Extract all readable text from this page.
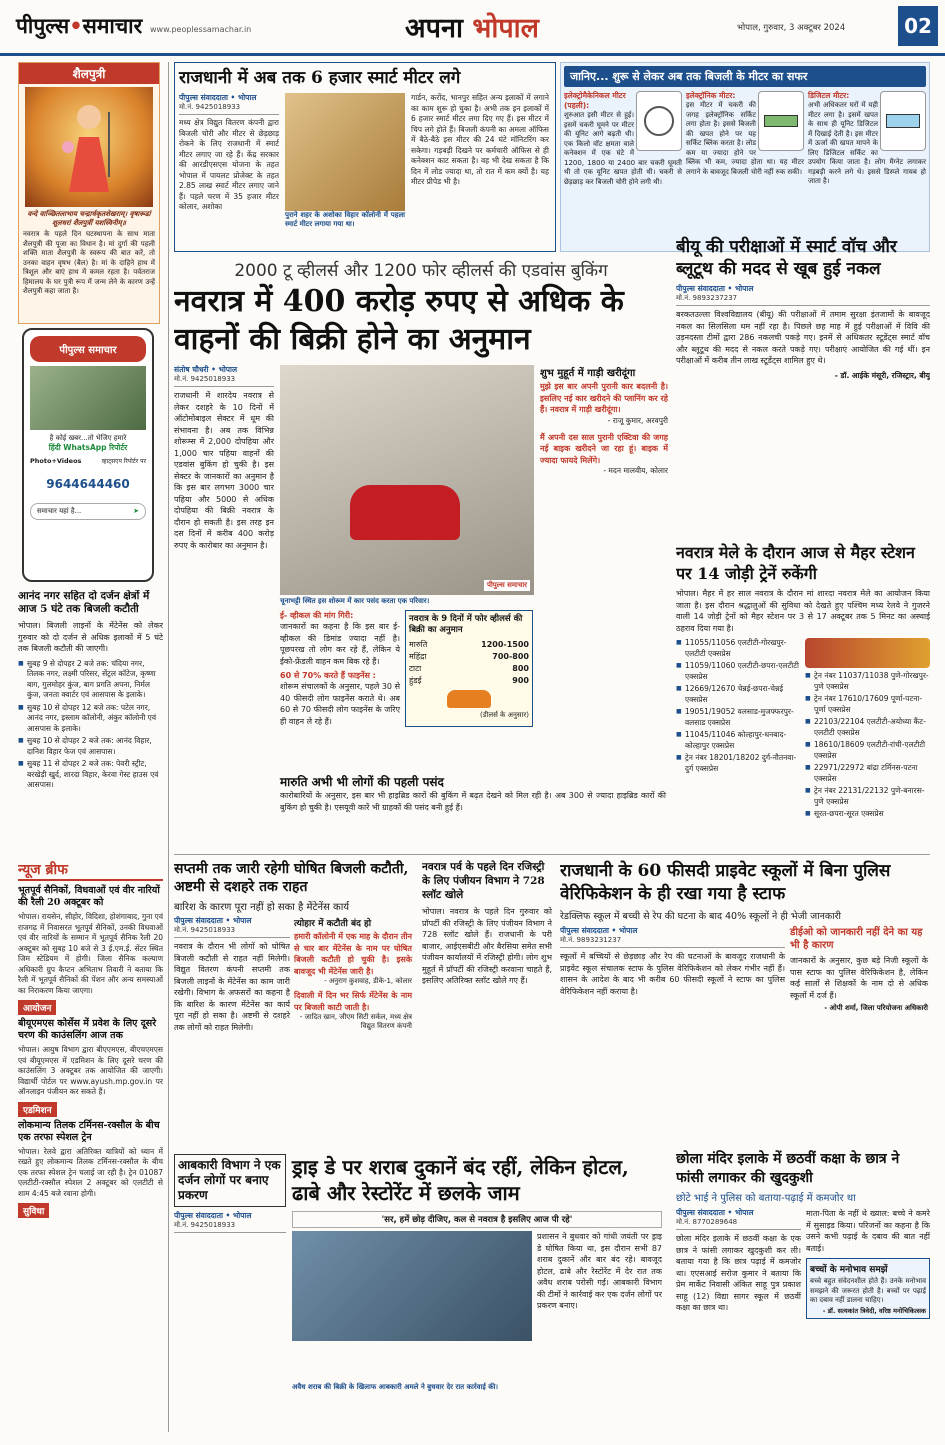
पीपुल्स•समाचार www.peoplessamachar.in	अपना भोपाल	भोपाल, गुरुवार, 3 अक्टूबर 2024	02
शैलपुत्री
वन्दे वाञ्छितलाभाय चन्द्रार्धकृतशेखराम्। वृषारूढां शूलधरां शैलपुत्रीं यशस्विनीम्॥
नवरात्र के पहले दिन घटस्थापना के साथ माता शैलपुत्री की पूजा का विधान है। मां दुर्गा की पहली शक्ति माता शैलपुत्री के स्वरूप की बात करें, तो उनका वाहन वृषभ (बैल) है। मां के दाहिने हाथ में त्रिशूल और बाएं हाथ में कमल रहता है। पर्वतराज हिमालय के घर पुत्री रूप में जन्म लेने के कारण उन्हें शैलपुत्री कहा जाता है।
पीपुल्स समाचार
है कोई खबर...तो भेजिए हमारे
हिंदी WhatsApp रिपोर्टर
Photo+Videos	व्हाट्सएप रिपोर्टर पर
9644644460
समाचार यहां है...	➤
आनंद नगर सहित दो दर्जन क्षेत्रों में आज 5 घंटे तक बिजली कटौती
भोपाल। बिजली लाइनों के मेंटेनेंस को लेकर गुरुवार को दो दर्जन से अधिक इलाकों में 5 घंटे तक बिजली कटौती की जाएगी।
■ सुबह 9 से दोपहर 2 बजे तक: चंदिया नगर, तिलक नगर, लक्ष्मी परिसर, सेंट्रल कॉटेज, कृष्णा बाग, गुलमोहर कुंज, बाग प्रगति अपना, निर्मल कुंज, जनता क्वार्टर एवं आसपास के इलाके।
■ सुबह 10 से दोपहर 12 बजे तक: पटेल नगर, आनंद नगर, इस्लाम कॉलोनी, अंकुर कॉलोनी एवं आसपास के इलाके।
■ सुबह 10 से दोपहर 2 बजे तक: आनंद विहार, दानिश विहार फेज एवं आसपास।
■ सुबह 11 से दोपहर 2 बजे तक: पेवरी स्ट्रीट, बरखेड़ी खुर्द, शारदा विहार, केरवा गेस्ट हाउस एवं आसपास।
न्यूज ब्रीफ
भूतपूर्व सैनिकों, विधवाओं एवं वीर नारियों की रैली 20 अक्टूबर को
भोपाल। रायसेन, सीहोर, विदिशा, होशंगाबाद, गुना एवं राजगढ़ में निवासरत भूतपूर्व सैनिकों, उनकी विधवाओं एवं वीर नारियों के सम्मान में भूतपूर्व सैनिक रैली 20 अक्टूबर को सुबह 10 बजे से 3 ई.एम.ई. सेंटर स्थित जिम स्टेडियम में होगी। जिला सैनिक कल्याण अधिकारी ग्रुप कैप्टन अभिताभ तिवारी ने बताया कि रैली में भूतपूर्व सैनिकों की पेंशन और अन्य समस्याओं का निराकरण किया जाएगा।
आयोजन
बीयूएमएस कोर्सेस में प्रवेश के लिए दूसरे चरण की काउंसलिंग आज तक
भोपाल। आयुष विभाग द्वारा बीएएमएस, बीएचएमएस एवं बीयूएमएस में एडमिशन के लिए दूसरे चरण की काउंसलिंग 3 अक्टूबर तक आयोजित की जाएगी। विद्यार्थी पोर्टल पर www.ayush.mp.gov.in पर ऑनलाइन पंजीयन कर सकते हैं।
एडमिशन
लोकमान्य तिलक टर्मिनस-रक्सौल के बीच एक तरफा स्पेशल ट्रेन
भोपाल। रेलवे द्वारा अतिरिक्त यात्रियों को ध्यान में रखते हुए लोकमान्य तिलक टर्मिनस-रक्सौल के बीच एक तरफा स्पेशल ट्रेन चलाई जा रही है। ट्रेन 01087 एलटीटी-रक्सौल स्पेशल 2 अक्टूबर को एलटीटी से शाम 4:45 बजे रवाना होगी।
सुविधा
राजधानी में अब तक 6 हजार स्मार्ट मीटर लगे
पीपुल्स संवाददाता • भोपाल
मो.नं. 9425018933
मध्य क्षेत्र विद्युत वितरण कंपनी द्वारा बिजली चोरी और मीटर से छेड़छाड़ रोकने के लिए राजधानी में स्मार्ट मीटर लगाए जा रहे हैं। केंद्र सरकार की आरडीएसएस योजना के तहत भोपाल में पायलट प्रोजेक्ट के तहत 2.85 लाख स्मार्ट मीटर लगाए जाने हैं। पहले चरण में 35 हजार मीटर कोलार, अशोका
पुराने शहर के अशोका विहार कॉलोनी में पहला स्मार्ट मीटर लगाया गया था।
गार्डन, करोंद, भानपुर सहित अन्य इलाकों में लगाने का काम शुरू हो चुका है। अभी तक इन इलाकों में 6 हजार स्मार्ट मीटर लगा दिए गए हैं। इस मीटर में चिप लगे होते हैं। बिजली कंपनी का अमला ऑफिस में बैठे-बैठे इस मीटर की 24 घंटे मॉनिटरिंग कर सकेगा। गड़बड़ी दिखने पर कर्मचारी ऑफिस से ही कनेक्शन काट सकता है। वह भी देख सकता है कि दिन में लोड ज्यादा था, तो रात में कम क्यों है। यह मीटर प्रीपेड भी है।
जानिए... शुरू से लेकर अब तक बिजली के मीटर का सफर
इलेक्ट्रोमैकेनिकल मीटर (पहली):
शुरुआत इसी मीटर से हुई। इसमें चकरी घूमने पर मीटर की यूनिट आगे बढ़ती थी। एक किलो वॉट क्षमता वाले कनेक्शन में एक घंटे में 1200, 1800 या 2400 बार चकरी घूमती थी तो एक यूनिट खपत होती थी। चकरी से छेड़छाड़ कर बिजली चोरी होने लगी थी।
इलेक्ट्रॉनिक मीटर:
इस मीटर में चकरी की जगह इलेक्ट्रॉनिक सर्किट लगा होता है। इससे बिजली की खपत होने पर यह सर्किट ब्लिंक करता है। लोड कम या ज्यादा होने पर ब्लिंक भी कम, ज्यादा होता था। यह मीटर लगाने के बावजूद बिजली चोरी नहीं रुक सकी।
डिजिटल मीटर:
अभी अधिकतर घरों में यही मीटर लगा है। इसमें खपत के साथ ही यूनिट डिजिटल में दिखाई देती है। इस मीटर में ऊर्जा की खपत मापने के लिए डिजिटल सर्किट का उपयोग किया जाता है। लोग मैग्नेट लगाकर गड़बड़ी करने लगे थे। इससे डिस्प्ले गायब हो जाता है।
2000 टू व्हीलर्स और 1200 फोर व्हीलर्स की एडवांस बुकिंग
नवरात्र में 400 करोड़ रुपए से अधिक के वाहनों की बिक्री होने का अनुमान
संतोष चौधरी • भोपाल
मो.नं. 9425018933
राजधानी में शारदेय नवरात्र से लेकर दशहरे के 10 दिनों में ऑटोमोबाइल सेक्टर में धूम की संभावना है। अब तक विभिन्न शोरूम्स में 2,000 दोपहिया और 1,000 चार पहिया वाहनों की एडवांस बुकिंग हो चुकी है। इस सेक्टर के जानकारों का अनुमान है कि इस बार लगभग 3000 चार पहिया और 5000 से अधिक दोपहिया की बिक्री नवरात्र के दौरान हो सकती है। इस तरह इन दस दिनों में करीब 400 करोड़ रुपए के कारोबार का अनुमान है।
पीपुल्स समाचार
चूनाभट्टी स्थित इस शोरूम में कार पसंद करता एक परिवार।
ई- व्हीकल की मांग गिरी:
जानकारों का कहना है कि इस बार ई-व्हीकल की डिमांड ज्यादा नहीं है। पूछपरख तो लोग कर रहे हैं, लेकिन ये ईको-फ्रेंडली वाहन कम बिक रहे हैं।
60 से 70% करते हैं फाइनेंस :
शोरूम संचालकों के अनुसार, पहले 30 से 40 फीसदी लोग फाइनेंस कराते थे। अब 60 से 70 फीसदी लोग फाइनेंस के जरिए ही वाहन ले रहे हैं।
नवरात्र के 9 दिनों में फोर व्हीलर्स की बिक्री का अनुमान
मारुति	1200-1500
महिंद्रा	700-800
टाटा	800
हुंडई	900
(डीलर्स के अनुसार)
शुभ मुहूर्त में गाड़ी खरीदूंगा
मुझे इस बार अपनी पुरानी कार बदलनी है। इसलिए नई कार खरीदने की प्लानिंग कर रहे हैं। नवरात्र में गाड़ी खरीदूंगा।
- राजू कुमार, अरवपुरी
मैं अपनी दस साल पुरानी एक्टिवा की जगह नई बाइक खरीदने जा रहा हूं। बाइक में ज्यादा फायदे मिलेंगे।
- मदन मालवीय, कोलार
मारुति अभी भी लोगों की पहली पसंद
कारोबारियों के अनुसार, इस बार भी हाइब्रिड कारों की बुकिंग में बढ़त देखने को मिल रही है। अब 300 से ज्यादा हाइब्रिड कारों की बुकिंग हो चुकी है। एसयूवी कारें भी ग्राहकों की पसंद बनी हुई हैं।
बीयू की परीक्षाओं में स्मार्ट वॉच और ब्लूटूथ की मदद से खूब हुई नकल
पीपुल्स संवाददाता • भोपाल
मो.नं. 9893237237
बरकतउल्ला विश्वविद्यालय (बीयू) की परीक्षाओं में तमाम सुरक्षा इंतजामों के बावजूद नकल का सिलसिला थम नहीं रहा है। पिछले छह माह में हुई परीक्षाओं में विवि की उड़नदस्ता टीमों द्वारा 286 नकलची पकड़े गए। इनमें से अधिकतर स्टूडेंट्स स्मार्ट वॉच और ब्लूटूथ की मदद से नकल करते पकड़े गए। परीक्षाएं आयोजित की गई थीं। इन परीक्षाओं में करीब तीन लाख स्टूडेंट्स शामिल हुए थे।
- डॉ. आईके मंसूरी, रजिस्ट्रार, बीयू
नवरात्र मेले के दौरान आज से मैहर स्टेशन पर 14 जोड़ी ट्रेनें रुकेंगी
भोपाल। मैहर में हर साल नवरात्र के दौरान मां शारदा नवरात्र मेले का आयोजन किया जाता है। इस दौरान श्रद्धालुओं की सुविधा को देखते हुए पश्चिम मध्य रेलवे ने गुजरने वाली 14 जोड़ी ट्रेनों को मैहर स्टेशन पर 3 से 17 अक्टूबर तक 5 मिनट का अस्थाई ठहराव दिया गया है।
■ 11055/11056 एलटीटी-गोरखपुर-एलटीटी एक्सप्रेस
■ 11059/11060 एलटीटी-छपरा-एलटीटी एक्सप्रेस
■ 12669/12670 चेन्नई-छपरा-चेन्नई एक्सप्रेस
■ 19051/19052 वलसाड-मुजफ्फरपुर-वलसाड एक्सप्रेस
■ 11045/11046 कोल्हापुर-धनबाद-कोल्हापुर एक्सप्रेस
■ ट्रेन नंबर 18201/18202 दुर्ग-नौतनवा-दुर्ग एक्सप्रेस
■ ट्रेन नंबर 11037/11038 पुणे-गोरखपुर-पुणे एक्सप्रेस
■ ट्रेन नंबर 17610/17609 पूर्णा-पटना-पूर्णा एक्सप्रेस
■ 22103/22104 एलटीटी-अयोध्या कैंट-एलटीटी एक्सप्रेस
■ 18610/18609 एलटीटी-रांची-एलटीटी एक्सप्रेस
■ 22971/22972 बांद्रा टर्मिनस-पटना एक्सप्रेस
■ ट्रेन नंबर 22131/22132 पुणे-बनारस-पुणे एक्सप्रेस
■ सूरत-छपरा-सूरत एक्सप्रेस
सप्तमी तक जारी रहेगी घोषित बिजली कटौती, अष्टमी से दशहरे तक राहत
बारिश के कारण पूरा नहीं हो सका है मेंटेनेंस कार्य
पीपुल्स संवाददाता • भोपाल
मो.नं. 9425018933
नवरात्र के दौरान भी लोगों को घोषित बिजली कटौती से राहत नहीं मिलेगी। विद्युत वितरण कंपनी सप्तमी तक बिजली लाइनों के मेंटेनेंस का काम जारी रखेगी। विभाग के अफसरों का कहना है कि बारिश के कारण मेंटेनेंस का कार्य पूरा नहीं हो सका है। अष्टमी से दशहरे तक लोगों को राहत मिलेगी।
त्योहार में कटौती बंद हो
हमारी कॉलोनी में एक माह के दौरान तीन से चार बार मेंटेनेंस के नाम पर घोषित बिजली कटौती हो चुकी है। इसके बावजूद भी मेंटेनेंस जारी है।
- अनुराग कुशवाह, डीके-1, कोलार
दिवाली में दिन भर सिर्फ मेंटेनेंस के नाम पर बिजली काटी जाती है।
- जादित खान, जीएम सिटी सर्कल, मध्य क्षेत्र विद्युत वितरण कंपनी
नवरात्र पर्व के पहले दिन रजिस्ट्री के लिए पंजीयन विभाग ने 728 स्लॉट खोले
भोपाल। नवरात्र के पहले दिन गुरुवार को प्रॉपर्टी की रजिस्ट्री के लिए पंजीयन विभाग ने 728 स्लॉट खोले हैं। राजधानी के परी बाजार, आईएसबीटी और बैरसिया समेत सभी पंजीयन कार्यालयों में रजिस्ट्री होगी। लोग शुभ मुहूर्त में प्रॉपर्टी की रजिस्ट्री करवाना चाहते हैं, इसलिए अतिरिक्त स्लॉट खोले गए हैं।
राजधानी के 60 फीसदी प्राइवेट स्कूलों में बिना पुलिस वेरिफिकेशन के ही रखा गया है स्टाफ
रेडक्लिफ स्कूल में बच्ची से रेप की घटना के बाद 40% स्कूलों ने ही भेजी जानकारी
पीपुल्स संवाददाता • भोपाल
मो.नं. 9893231237
स्कूलों में बच्चियों से छेड़छाड़ और रेप की घटनाओं के बावजूद राजधानी के प्राइवेट स्कूल संचालक स्टाफ के पुलिस वेरिफिकेशन को लेकर गंभीर नहीं हैं। शासन के आदेश के बाद भी करीब 60 फीसदी स्कूलों ने स्टाफ का पुलिस वेरिफिकेशन नहीं कराया है।
डीईओ को जानकारी नहीं देने का यह भी है कारण
जानकारों के अनुसार, कुछ बड़े निजी स्कूलों के पास स्टाफ का पुलिस वेरिफिकेशन है, लेकिन कई सालों से शिक्षकों के नाम दो से अधिक स्कूलों में दर्ज हैं।
- ओपी शर्मा, जिला परियोजना अधिकारी
आबकारी विभाग ने एक दर्जन लोगों पर बनाए प्रकरण
ड्राइ डे पर शराब दुकानें बंद रहीं, लेकिन होटल, ढाबे और रेस्टोरेंट में छलके जाम
पीपुल्स संवाददाता • भोपाल
मो.नं. 9425018933	'सर, हमें छोड़ दीजिए, कल से नवरात्र है इसलिए आज पी रहे'
प्रशासन ने बुधवार को गांधी जयंती पर ड्राइ डे घोषित किया था, इस दौरान सभी 87 शराब दुकानें और बार बंद रहे। बावजूद होटल, ढाबे और रेस्टोरेंट में देर रात तक अवैध शराब परोसी गई। आबकारी विभाग की टीमों ने कार्रवाई कर एक दर्जन लोगों पर प्रकरण बनाए।
अवैध शराब की बिक्री के खिलाफ आबकारी अमले ने बुधवार देर रात कार्रवाई की।
छोला मंदिर इलाके में छठवीं कक्षा के छात्र ने फांसी लगाकर की खुदकुशी
छोटे भाई ने पुलिस को बताया-पढ़ाई में कमजोर था
पीपुल्स संवाददाता • भोपाल
मो.नं. 8770289648
छोला मंदिर इलाके में छठवीं कक्षा के एक छात्र ने फांसी लगाकर खुदकुशी कर ली। बताया गया है कि छात्र पढ़ाई में कमजोर था। एएसआई सरोज कुमार ने बताया कि प्रेम मार्केट निवासी अंकित साहू पुत्र प्रकाश साहू (12) विद्या सागर स्कूल में छठवीं कक्षा का छात्र था।
माता-पिता के नहीं थे ख्याल: बच्चे ने कमरे में सुसाइड किया। परिजनों का कहना है कि उसने कभी पढ़ाई के दबाव की बात नहीं बताई।
बच्चों के मनोभाव समझें
बच्चे बहुत संवेदनशील होते हैं। उनके मनोभाव समझने की जरूरत होती है। बच्चों पर पढ़ाई का दबाव नहीं डालना चाहिए।
- डॉ. सत्यकांत त्रिवेदी, वरिष्ठ मनोचिकित्सक
